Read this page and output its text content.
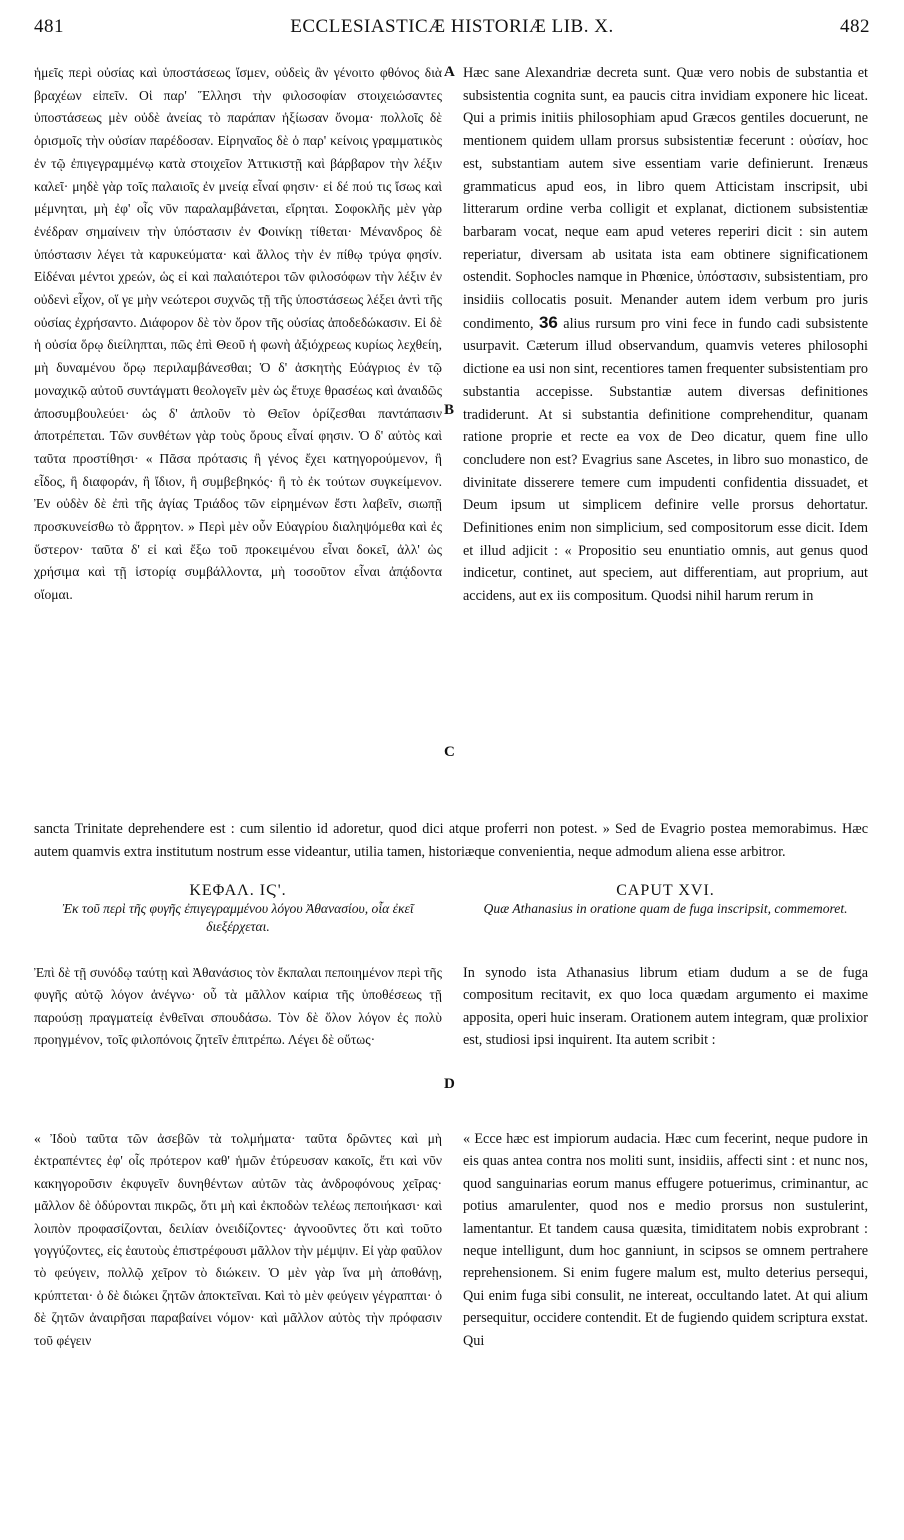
481	ECCLESIASTICÆ HISTORIÆ LIB. X.	482
A
B
C
D

ἡμεῖς περὶ οὐσίας καὶ ὑποστάσεως ἴσμεν, οὐδεὶς ἂν γένοιτο φθόνος διὰ βραχέων εἰπεῖν. Οἱ παρ' Ἕλλησι τὴν φιλοσοφίαν στοιχειώσαντες ὑποστάσεως μὲν οὐδὲ ἀνείας τὸ παράπαν ἠξίωσαν ὄνομα· πολλοῖς δὲ ὁρισμοῖς τὴν οὐσίαν παρέδοσαν. Εἰρηναῖος δὲ ὁ παρ' κείνοις γραμματικὸς ἐν τῷ ἐπιγεγραμμένῳ κατὰ στοιχεῖον Ἀττικιστῇ καὶ βάρβαρον τὴν λέξιν καλεῖ· μηδὲ γὰρ τοῖς παλαιοῖς ἐν μνείᾳ εἶναί φησιν· εἰ δέ πού τις ἴσως καὶ μέμνηται, μὴ ἐφ' οἷς νῦν παραλαμβάνεται, εἴρηται. Σοφοκλῆς μὲν γὰρ ἐνέδραν σημαίνειν τὴν ὑπόστασιν ἐν Φοινίκῃ τίθεται· Μένανδρος δὲ ὑπόστασιν λέγει τὰ καρυκεύματα· καὶ ἄλλος τὴν ἐν πίθῳ τρύγα φησίν. Εἰδέναι μέντοι χρεών, ὡς εἰ καὶ παλαιότεροι τῶν φιλοσόφων τὴν λέξιν ἐν οὐδενὶ εἶχον, οἵ γε μὴν νεώτεροι συχνῶς τῇ τῆς ὑποστάσεως λέξει ἀντὶ τῆς οὐσίας ἐχρήσαντο. Διάφορον δὲ τὸν ὅρον τῆς οὐσίας ἀποδεδώκασιν. Εἰ δὲ ἡ οὐσία ὅρῳ διείληπται, πῶς ἐπὶ Θεοῦ ἡ φωνὴ ἀξιόχρεως κυρίως λεχθείη, μὴ δυναμένου ὅρῳ περιλαμβάνεσθαι; Ὁ δ' ἀσκητὴς Εὐάγριος ἐν τῷ μοναχικῷ αὐτοῦ συντάγματι θεολογεῖν μὲν ὡς ἔτυχε θρασέως καὶ ἀναιδῶς ἀποσυμβουλεύει· ὡς δ' ἁπλοῦν τὸ Θεῖον ὁρίζεσθαι παντάπασιν ἀποτρέπεται. Τῶν συνθέτων γὰρ τοὺς ὅρους εἶναί φησιν. Ὁ δ' αὐτὸς καὶ ταῦτα προστίθησι· « Πᾶσα πρότασις ἢ γένος ἔχει κατηγορούμενον, ἢ εἶδος, ἢ διαφοράν, ἢ ἴδιον, ἢ συμβεβηκός· ἢ τὸ ἐκ τούτων συγκείμενον. Ἐν οὐδὲν δὲ ἐπὶ τῆς ἁγίας Τριάδος τῶν εἰρημένων ἔστι λαβεῖν, σιωπῇ προσκυνείσθω τὸ ἄρρητον. » Περὶ μὲν οὖν Εὐαγρίου διαληψόμεθα καὶ ἐς ὕστερον· ταῦτα δ' εἰ καὶ ἔξω τοῦ προκειμένου εἶναι δοκεῖ, ἀλλ' ὡς χρήσιμα καὶ τῇ ἱστορίᾳ συμβάλλοντα, μὴ τοσοῦτον εἶναι ἀπᾴδοντα οἴομαι.

Hæc sane Alexandriæ decreta sunt. Quæ vero nobis de substantia et subsistentia cognita sunt, ea paucis citra invidiam exponere hic liceat. Qui a primis initiis philosophiam apud Græcos gentiles docuerunt, ne mentionem quidem ullam prorsus subsistentiæ fecerunt : οὐσίαν, hoc est, substantiam autem sive essentiam varie definierunt. Irenæus grammaticus apud eos, in libro quem Atticistam inscripsit, ubi litterarum ordine verba colligit et explanat, dictionem subsistentiæ barbaram vocat, neque eam apud veteres reperiri dicit : sin autem reperiatur, diversam ab usitata ista eam obtinere significationem ostendit. Sophocles namque in Phœnice, ὑπόστασιν, subsistentiam, pro insidiis collocatis posuit. Menander autem idem verbum pro juris condimento, 36 alius rursum pro vini fece in fundo cadi subsistente usurpavit. Cæterum illud observandum, quamvis veteres philosophi dictione ea usi non sint, recentiores tamen frequenter subsistentiam pro substantia accepisse. Substantiæ autem diversas definitiones tradiderunt. At si substantia definitione comprehenditur, quanam ratione proprie et recte ea vox de Deo dicatur, quem fine ullo concludere non est? Evagrius sane Ascetes, in libro suo monastico, de divinitate disserere temere cum impudenti confidentia dissuadet, et Deum ipsum ut simplicem definire velle prorsus dehortatur. Definitiones enim non simplicium, sed compositorum esse dicit. Idem et illud adjicit : « Propositio seu enuntiatio omnis, aut genus quod indicetur, continet, aut speciem, aut differentiam, aut proprium, aut accidens, aut ex iis compositum. Quodsi nihil harum rerum in

sancta Trinitate deprehendere est : cum silentio id adoretur, quod dici atque proferri non potest. » Sed de Evagrio postea memorabimus. Hæc autem quamvis extra institutum nostrum esse videantur, utilia tamen, historiæque convenientia, neque admodum aliena esse arbitror.

ΚΕΦΑΛ. ΙϚ'.
Ἐκ τοῦ περὶ τῆς φυγῆς ἐπιγεγραμμένου λόγου Ἀθανασίου, οἷα ἐκεῖ διεξέρχεται.
CAPUT XVI.
Quæ Athanasius in oratione quam de fuga inscripsit, commemoret.

Ἐπὶ δὲ τῇ συνόδῳ ταύτῃ καὶ Ἀθανάσιος τὸν ἔκπαλαι πεποιημένον περὶ τῆς φυγῆς αὐτῷ λόγον ἀνέγνω· οὗ τὰ μᾶλλον καίρια τῆς ὑποθέσεως τῇ παρούσῃ πραγματείᾳ ἐνθεῖναι σπουδάσω. Τὸν δὲ ὅλον λόγον ἐς πολὺ προηγμένον, τοῖς φιλοπόνοις ζητεῖν ἐπιτρέπω. Λέγει δὲ οὕτως·

In synodo ista Athanasius librum etiam dudum a se de fuga compositum recitavit, ex quo loca quædam argumento ei maxime apposita, operi huic inseram. Orationem autem integram, quæ prolixior est, studiosi ipsi inquirent. Ita autem scribit :

« Ἰδοὺ ταῦτα τῶν ἀσεβῶν τὰ τολμήματα· ταῦτα δρῶντες καὶ μὴ ἐκτραπέντες ἐφ' οἷς πρότερον καθ' ἡμῶν ἐτύρευσαν κακοῖς, ἔτι καὶ νῦν κακηγοροῦσιν ἐκφυγεῖν δυνηθέντων αὐτῶν τὰς ἀνδροφόνους χεῖρας· μᾶλλον δὲ ὀδύρονται πικρῶς, ὅτι μὴ καὶ ἐκποδὼν τελέως πεποιήκασι· καὶ λοιπὸν προφασίζονται, δειλίαν ὀνειδίζοντες· ἀγνοοῦντες ὅτι καὶ τοῦτο γογγύζοντες, εἰς ἑαυτοὺς ἐπιστρέφουσι μᾶλλον τὴν μέμψιν. Εἰ γὰρ φαῦλον τὸ φεύγειν, πολλῷ χεῖρον τὸ διώκειν. Ὁ μὲν γὰρ ἵνα μὴ ἀποθάνῃ, κρύπτεται· ὁ δὲ διώκει ζητῶν ἀποκτεῖναι. Καὶ τὸ μὲν φεύγειν γέγραπται· ὁ δὲ ζητῶν ἀναιρῆσαι παραβαίνει νόμον· καὶ μᾶλλον αὐτὸς τὴν πρόφασιν τοῦ φέγειν

« Ecce hæc est impiorum audacia. Hæc cum fecerint, neque pudore in eis quas antea contra nos moliti sunt, insidiis, affecti sint : et nunc nos, quod sanguinarias eorum manus effugere potuerimus, criminantur, ac potius amarulenter, quod nos e medio prorsus non sustulerint, lamentantur. Et tandem causa quæsita, timiditatem nobis exprobrant : neque intelligunt, dum hoc ganniunt, in scipsos se omnem pertrahere reprehensionem. Si enim fugere malum est, multo deterius persequi, Qui enim fuga sibi consulit, ne intereat, occultando latet. At qui alium persequitur, occidere contendit. Et de fugiendo quidem scriptura exstat. Qui
